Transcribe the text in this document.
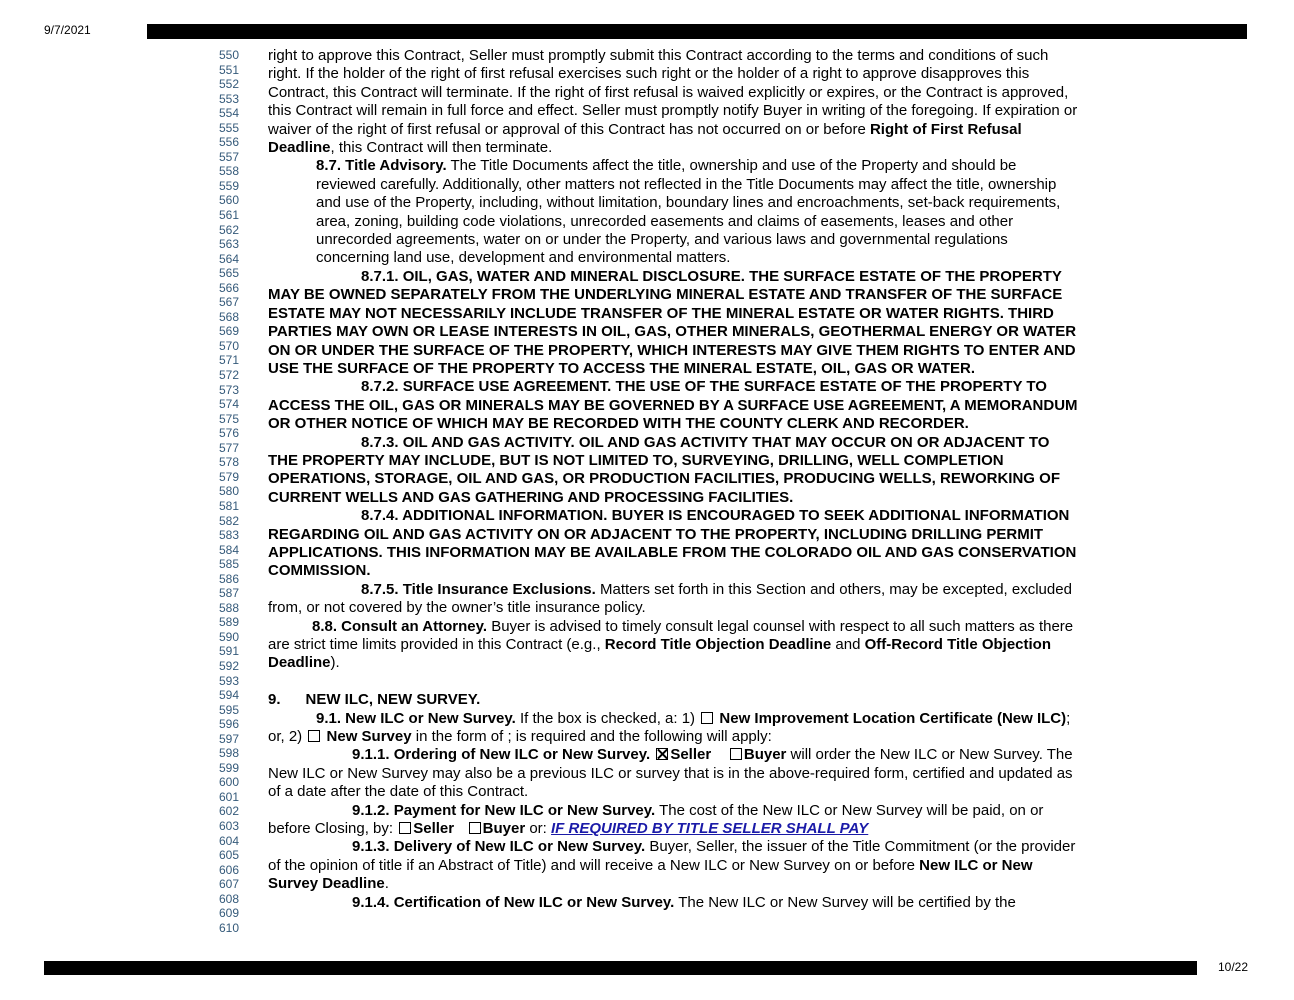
9/7/2021
550
551
552
553
554
555
556
557
558
559
560
561
562
563
564
565
566
567
568
569
570
571
572
573
574
575
576
577
578
579
580
581
582
583
584
585
586
587
588
589
590
591
592
593
594
595
596
597
598
599
600
601
602
603
604
605
606
607
608
609
610

right to approve this Contract, Seller must promptly submit this Contract according to the terms and conditions of such right. If the holder of the right of first refusal exercises such right or the holder of a right to approve disapproves this Contract, this Contract will terminate. If the right of first refusal is waived explicitly or expires, or the Contract is approved, this Contract will remain in full force and effect. Seller must promptly notify Buyer in writing of the foregoing. If expiration or waiver of the right of first refusal or approval of this Contract has not occurred on or before Right of First Refusal Deadline, this Contract will then terminate.

8.7. Title Advisory. The Title Documents affect the title, ownership and use of the Property and should be reviewed carefully. Additionally, other matters not reflected in the Title Documents may affect the title, ownership and use of the Property, including, without limitation, boundary lines and encroachments, set-back requirements, area, zoning, building code violations, unrecorded easements and claims of easements, leases and other unrecorded agreements, water on or under the Property, and various laws and governmental regulations concerning land use, development and environmental matters.

8.7.1. OIL, GAS, WATER AND MINERAL DISCLOSURE. THE SURFACE ESTATE OF THE PROPERTY MAY BE OWNED SEPARATELY FROM THE UNDERLYING MINERAL ESTATE AND TRANSFER OF THE SURFACE ESTATE MAY NOT NECESSARILY INCLUDE TRANSFER OF THE MINERAL ESTATE OR WATER RIGHTS. THIRD PARTIES MAY OWN OR LEASE INTERESTS IN OIL, GAS, OTHER MINERALS, GEOTHERMAL ENERGY OR WATER ON OR UNDER THE SURFACE OF THE PROPERTY, WHICH INTERESTS MAY GIVE THEM RIGHTS TO ENTER AND USE THE SURFACE OF THE PROPERTY TO ACCESS THE MINERAL ESTATE, OIL, GAS OR WATER.

8.7.2. SURFACE USE AGREEMENT. THE USE OF THE SURFACE ESTATE OF THE PROPERTY TO ACCESS THE OIL, GAS OR MINERALS MAY BE GOVERNED BY A SURFACE USE AGREEMENT, A MEMORANDUM OR OTHER NOTICE OF WHICH MAY BE RECORDED WITH THE COUNTY CLERK AND RECORDER.

8.7.3. OIL AND GAS ACTIVITY. OIL AND GAS ACTIVITY THAT MAY OCCUR ON OR ADJACENT TO THE PROPERTY MAY INCLUDE, BUT IS NOT LIMITED TO, SURVEYING, DRILLING, WELL COMPLETION OPERATIONS, STORAGE, OIL AND GAS, OR PRODUCTION FACILITIES, PRODUCING WELLS, REWORKING OF CURRENT WELLS AND GAS GATHERING AND PROCESSING FACILITIES.

8.7.4. ADDITIONAL INFORMATION. BUYER IS ENCOURAGED TO SEEK ADDITIONAL INFORMATION REGARDING OIL AND GAS ACTIVITY ON OR ADJACENT TO THE PROPERTY, INCLUDING DRILLING PERMIT APPLICATIONS. THIS INFORMATION MAY BE AVAILABLE FROM THE COLORADO OIL AND GAS CONSERVATION COMMISSION.

8.7.5. Title Insurance Exclusions. Matters set forth in this Section and others, may be excepted, excluded from, or not covered by the owner’s title insurance policy.

8.8. Consult an Attorney. Buyer is advised to timely consult legal counsel with respect to all such matters as there are strict time limits provided in this Contract (e.g., Record Title Objection Deadline and Off-Record Title Objection Deadline).

9.      NEW ILC, NEW SURVEY.

9.1. New ILC or New Survey. If the box is checked, a: 1)  New Improvement Location Certificate (New ILC); or, 2)  New Survey in the form of ; is required and the following will apply:

9.1.1. Ordering of New ILC or New Survey. Seller Buyer will order the New ILC or New Survey. The New ILC or New Survey may also be a previous ILC or survey that is in the above-required form, certified and updated as of a date after the date of this Contract.

9.1.2. Payment for New ILC or New Survey. The cost of the New ILC or New Survey will be paid, on or before Closing, by: Seller Buyer or: IF REQUIRED BY TITLE SELLER SHALL PAY

9.1.3. Delivery of New ILC or New Survey. Buyer, Seller, the issuer of the Title Commitment (or the provider of the opinion of title if an Abstract of Title) and will receive a New ILC or New Survey on or before New ILC or New Survey Deadline.

9.1.4. Certification of New ILC or New Survey. The New ILC or New Survey will be certified by the

10/22
